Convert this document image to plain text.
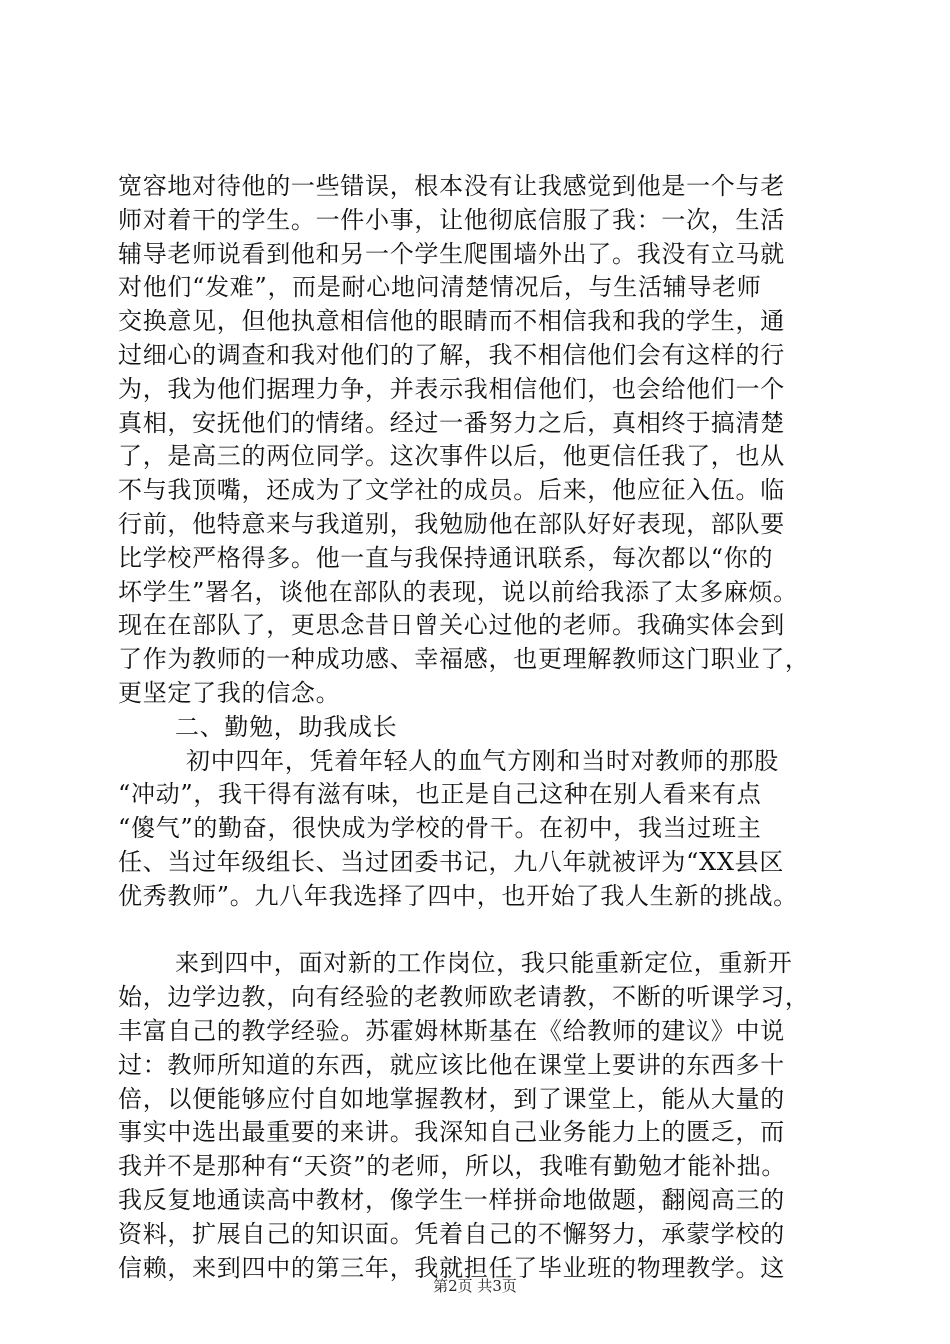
宽容地对待他的一些错误，根本没有让我感觉到他是一个与老
师对着干的学生。一件小事，让他彻底信服了我：一次，生活
辅导老师说看到他和另一个学生爬围墙外出了。我没有立马就
对他们“发难”，而是耐心地问清楚情况后，与生活辅导老师
交换意见，但他执意相信他的眼睛而不相信我和我的学生，通
过细心的调查和我对他们的了解，我不相信他们会有这样的行
为，我为他们据理力争，并表示我相信他们，也会给他们一个
真相，安抚他们的情绪。经过一番努力之后，真相终于搞清楚
了，是高三的两位同学。这次事件以后，他更信任我了，也从
不与我顶嘴，还成为了文学社的成员。后来，他应征入伍。临
行前，他特意来与我道别，我勉励他在部队好好表现，部队要
比学校严格得多。他一直与我保持通讯联系，每次都以“你的
坏学生”署名，谈他在部队的表现，说以前给我添了太多麻烦。
现在在部队了，更思念昔日曾关心过他的老师。我确实体会到
了作为教师的一种成功感、幸福感，也更理解教师这门职业了，
更坚定了我的信念。
二、勤勉，助我成长
初中四年，凭着年轻人的血气方刚和当时对教师的那股
“冲动”，我干得有滋有味，也正是自己这种在别人看来有点
“傻气”的勤奋，很快成为学校的骨干。在初中，我当过班主
任、当过年级组长、当过团委书记，九八年就被评为“XX县区
优秀教师”。九八年我选择了四中，也开始了我人生新的挑战。
来到四中，面对新的工作岗位，我只能重新定位，重新开
始，边学边教，向有经验的老教师欧老请教，不断的听课学习，
丰富自己的教学经验。苏霍姆林斯基在《给教师的建议》中说
过：教师所知道的东西，就应该比他在课堂上要讲的东西多十
倍，以便能够应付自如地掌握教材，到了课堂上，能从大量的
事实中选出最重要的来讲。我深知自己业务能力上的匮乏，而
我并不是那种有“天资”的老师，所以，我唯有勤勉才能补拙。
我反复地通读高中教材，像学生一样拼命地做题，翻阅高三的
资料，扩展自己的知识面。凭着自己的不懈努力，承蒙学校的
信赖，来到四中的第三年，我就担任了毕业班的物理教学。这
第2页 共3页
